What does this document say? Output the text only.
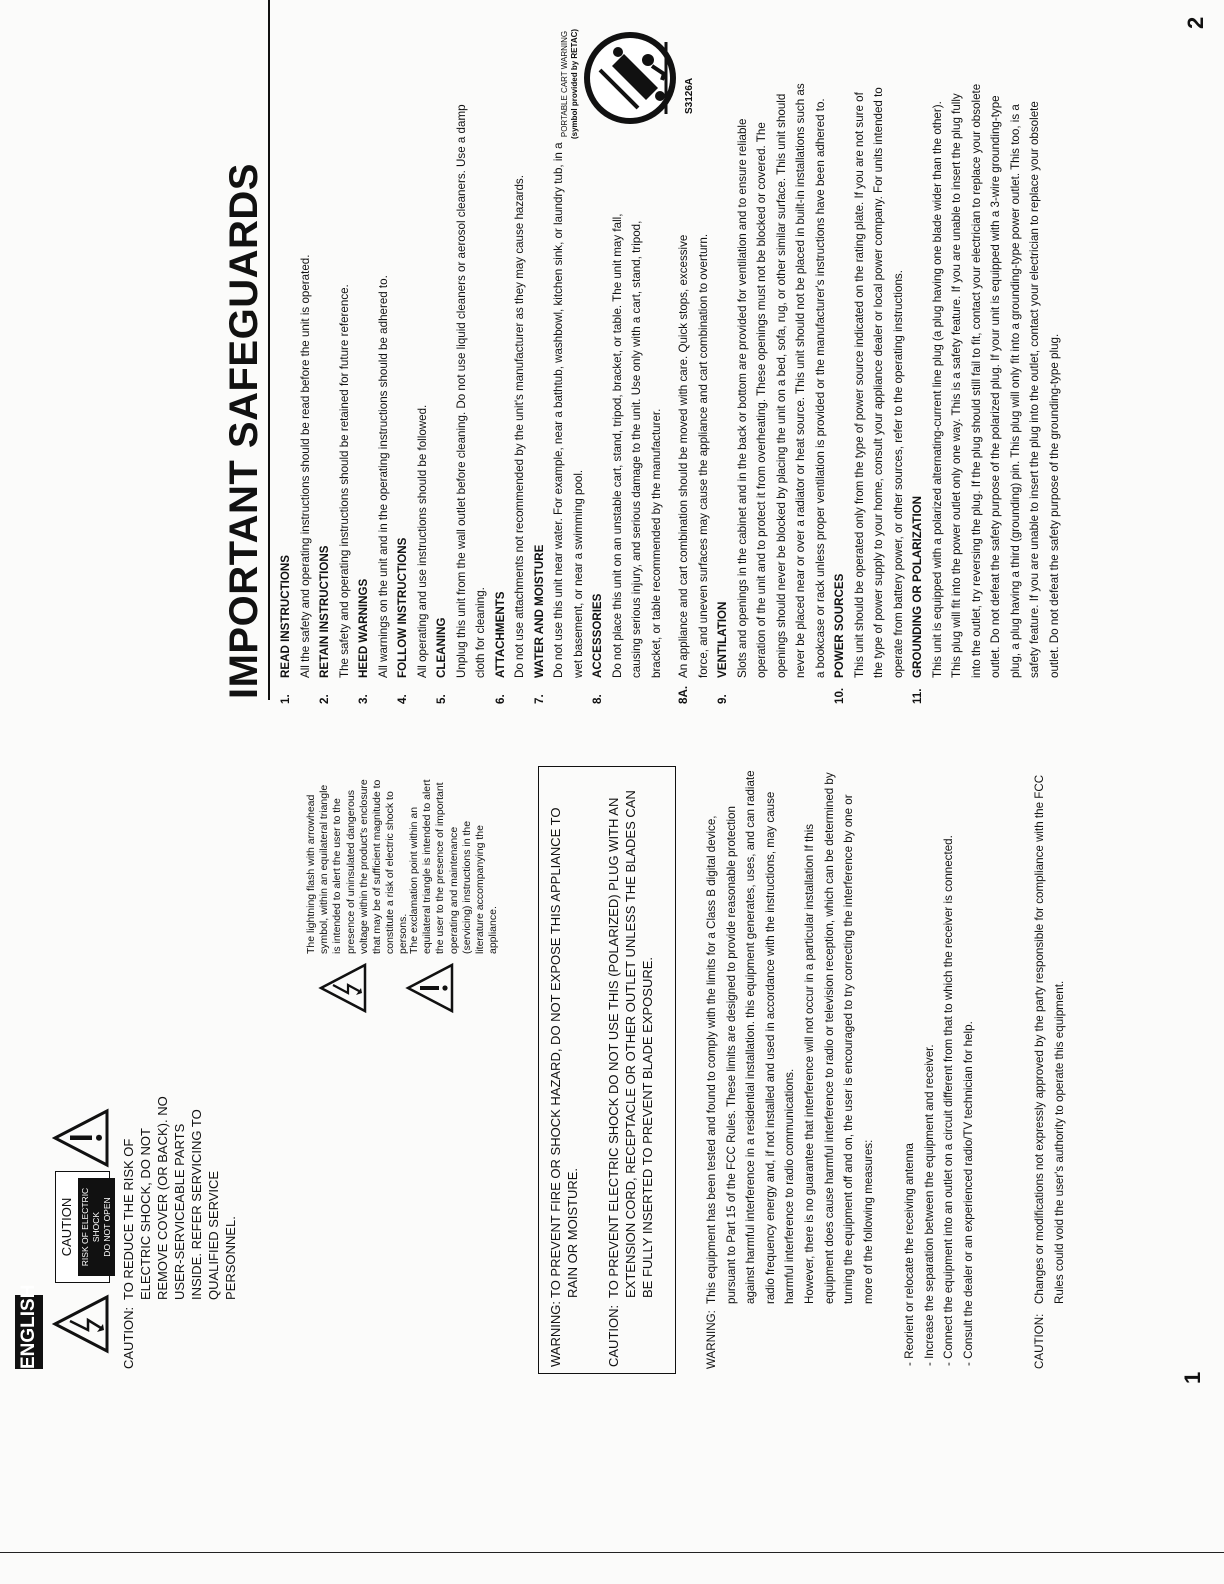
ENGLISH
CAUTION RISK OF ELECTRIC SHOCK DO NOT OPEN
CAUTION:
TO REDUCE THE RISK OF ELECTRIC SHOCK, DO NOT REMOVE COVER (OR BACK). NO USER-SERVICEABLE PARTS INSIDE. REFER SERVICING TO QUALIFIED SERVICE PERSONNEL.
The lightning flash with arrowhead symbol, within an equilateral triangle is intended to alert the user to the presence of uninsulated dangerous voltage within the product's enclosure that may be of sufficient magnitude to constitute a risk of electric shock to persons.
The exclamation point within an equilateral triangle is intended to alert the user to the presence of important operating and maintenance (servicing) instructions in the literature accompanying the appliance.
WARNING:
TO PREVENT FIRE OR SHOCK HAZARD, DO NOT EXPOSE THIS APPLIANCE TO RAIN OR MOISTURE.
CAUTION:
TO PREVENT ELECTRIC SHOCK DO NOT USE THIS (POLARIZED) PLUG WITH AN EXTENSION CORD, RECEPTACLE OR OTHER OUTLET UNLESS THE BLADES CAN BE FULLY INSERTED TO PREVENT BLADE EXPOSURE.
WARNING:
This equipment has been tested and found to comply with the limits for a Class B digital device, pursuant to Part 15 of the FCC Rules. These limits are designed to provide reasonable protection against harmful interference in a residential installation. this equipment generates, uses, and can radiate radio frequency energy and, if not installed and used in accordance with the instructions, may cause harmful interference to radio communications. However, there is no guarantee that interference will not occur in a particular installation If this equipment does cause harmful interference to radio or television reception, which can be determined by turning the equipment off and on, the user is encouraged to try correcting the interference by one or more of the following measures:	- Reorient or relocate the receiving antenna - Increase the separation between the equipment and receiver. - Connect the equipment into an outlet on a circuit different from that to which the receiver is connected. - Consult the dealer or an experienced radio/TV technician for help.	CAUTION:
Changes or modifications not expressly approved by the party responsible for compliance with the FCC Rules could void the user's authority to operate this equipment.
1
IMPORTANT SAFEGUARDS
1.
READ INSTRUCTIONS All the safety and operating instructions should be read before the unit is operated.
2.
RETAIN INSTRUCTIONS The safety and operating instructions should be retained for future reference.
3.
HEED WARNINGS All warnings on the unit and in the operating instructions should be adhered to.
4.
FOLLOW INSTRUCTIONS All operating and use instructions should be followed.
5.
CLEANING Unplug this unit from the wall outlet before cleaning. Do not use liquid cleaners or aerosol cleaners. Use a damp cloth for cleaning.
6.
ATTACHMENTS Do not use attachments not recommended by the unit's manufacturer as they may cause hazards.
7.
WATER AND MOISTURE Do not use this unit near water. For example, near a bathtub, washbowl, kitchen sink, or laundry tub, in a wet basement, or near a swimming pool.
8.
ACCESSORIES Do not place this unit on an unstable cart, stand, tripod, bracket, or table. The unit may fall, causing serious injury, and serious damage to the unit. Use only with a cart, stand, tripod, bracket, or table recommended by the manufacturer.
8A.
An appliance and cart combination should be moved with care. Quick stops, excessive force, and uneven surfaces may cause the appliance and cart combination to overturn.
9.
VENTILATION Slots and openings in the cabinet and in the back or bottom are provided for ventilation and to ensure reliable operation of the unit and to protect it from overheating. These openings must not be blocked or covered. The openings should never be blocked by placing the unit on a bed, sofa, rug, or other similar surface. This unit should never be placed near or over a radiator or heat source. This unit should not be placed in built-in installations such as a bookcase or rack unless proper ventilation is provided or the manufacturer's instructions have been adhered to.
10.
POWER SOURCES This unit should be operated only from the type of power source indicated on the rating plate. If you are not sure of the type of power supply to your home, consult your appliance dealer or local power company. For units intended to operate from battery power, or other sources, refer to the operating instructions.
11.
GROUNDING OR POLARIZATION This unit is equipped with a polarized alternating-current line plug (a plug having one blade wider than the other). This plug will fit into the power outlet only one way. This is a safety feature. If you are unable to insert the plug fully into the outlet, try reversing the plug. If the plug should still fail to fit, contact your electrician to replace your obsolete outlet. Do not defeat the safety purpose of the polarized plug. If your unit is equipped with a 3-wire grounding-type plug, a plug having a third (grounding) pin. This plug will only fit into a grounding-type power outlet. This too, is a safety feature. If you are unable to insert the plug into the outlet, contact your electrician to replace your obsolete outlet. Do not defeat the safety purpose of the grounding-type plug.
PORTABLE CART WARNING (symbol provided by RETAC)	S3126A
2
